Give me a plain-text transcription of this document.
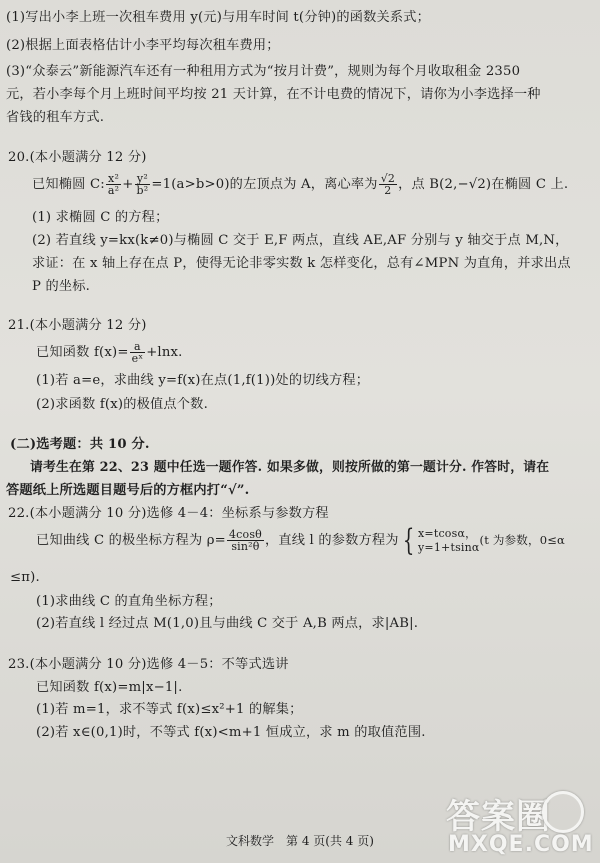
(1)写出小李上班一次租车费用 y(元)与用车时间 t(分钟)的函数关系式；
(2)根据上面表格估计小李平均每次租车费用；
(3)“众泰云”新能源汽车还有一种租用方式为“按月计费”，规则为每个月收取租金 2350
元，若小李每个月上班时间平均按 21 天计算，在不计电费的情况下，请你为小李选择一种
省钱的租车方式.
20.(本小题满分 12 分)
已知椭圆 C: $\frac{\text{x²}}{\text{a²}} + \frac{\text{y²}}{\text{b²}} =1(a>b>0)$的左顶点为 A，离心率为 $\frac{√2}{2}$ ，点 B(2,−√2)在椭圆 C 上.
(1) 求椭圆 C 的方程；
(2) 若直线 y=kx(k≠0)与椭圆 C 交于 E,F 两点，直线 AE,AF 分别与 y 轴交于点 M,N，
求证：在 x 轴上存在点 P，使得无论非零实数 k 怎样变化，总有∠MPN 为直角，并求出点
P 的坐标.
21.(本小题满分 12 分)
已知函数 $f(x)= \frac{a}{\text{eˣ}} +\ln x$.
(1)若 a=e，求曲线 y=f(x)在点(1,f(1))处的切线方程；
(2)求函数 f(x)的极值点个数.
(二)选考题：共 10 分.
请考生在第 22、23 题中任选一题作答. 如果多做，则按所做的第一题计分. 作答时，请在
答题纸上所选题目题号后的方框内打“√”.
22.(本小题满分 10 分)选修 4－4：坐标系与参数方程
已知曲线 C 的极坐标方程为 $\rho= \frac{4\cos\theta}{\text{sin²θ}}$ ，直线 l 的参数方程为 { x=tcosα，
y=1+tsinα (t 为参数，0≤α
≤π).
(1)求曲线 C 的直角坐标方程；
(2)若直线 l 经过点 M(1,0)且与曲线 C 交于 A,B 两点，求|AB|.
23.(本小题满分 10 分)选修 4－5：不等式选讲
已知函数 f(x)=m|x−1|.
(1)若 m=1，求不等式 f(x)≤x²+1 的解集；
(2)若 x∈(0,1)时，不等式 f(x)<m+1 恒成立，求 m 的取值范围.
答案圈
MXQE.COM
文科数学　第 4 页(共 4 页)
